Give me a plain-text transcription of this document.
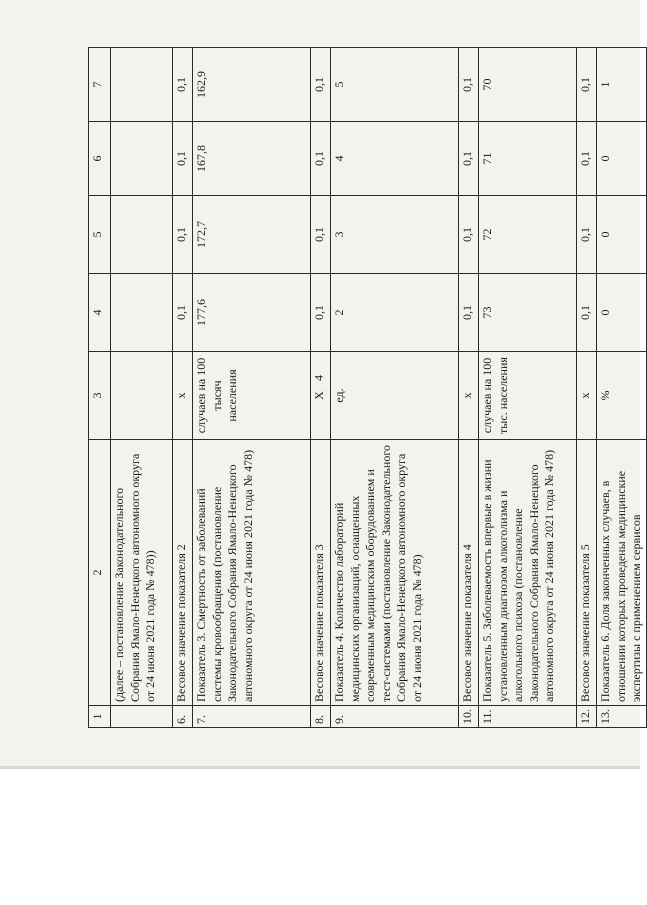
4
1	2	3	4	5	6	7
	(далее – постановление Законодательного Собрания Ямало-Ненецкого автономного округа от 24 июня 2021 года № 478))					
6.	Весовое значение показателя 2	х	0,1	0,1	0,1	0,1
7.	Показатель 3. Смертность от заболеваний системы кровообращения (постановление Законодательного Собрания Ямало-Ненецкого автономного округа от 24 июня 2021 года № 478)	случаев на 100 тысяч населения	177,6	172,7	167,8	162,9
8.	Весовое значение показателя 3	Х	0,1	0,1	0,1	0,1
9.	Показатель 4. Количество лабораторий медицинских организаций, оснащенных современным медицинским оборудованием и тест-системами (постановление Законодательного Собрания Ямало-Ненецкого автономного округа от 24 июня 2021 года № 478)	ед.	2	3	4	5
10.	Весовое значение показателя 4	х	0,1	0,1	0,1	0,1
11.	Показатель 5. Заболеваемость впервые в жизни установленным диагнозом алкоголизма и алкогольного психоза (постановление Законодательного Собрания Ямало-Ненецкого автономного округа от 24 июня 2021 года № 478)	случаев на 100 тыс. населения	73	72	71	70
12.	Весовое значение показателя 5	х	0,1	0,1	0,1	0,1
13.	Показатель 6. Доля законченных случаев, в отношении которых проведены медицинские экспертизы с применением сервисов	%	0	0	0	1
